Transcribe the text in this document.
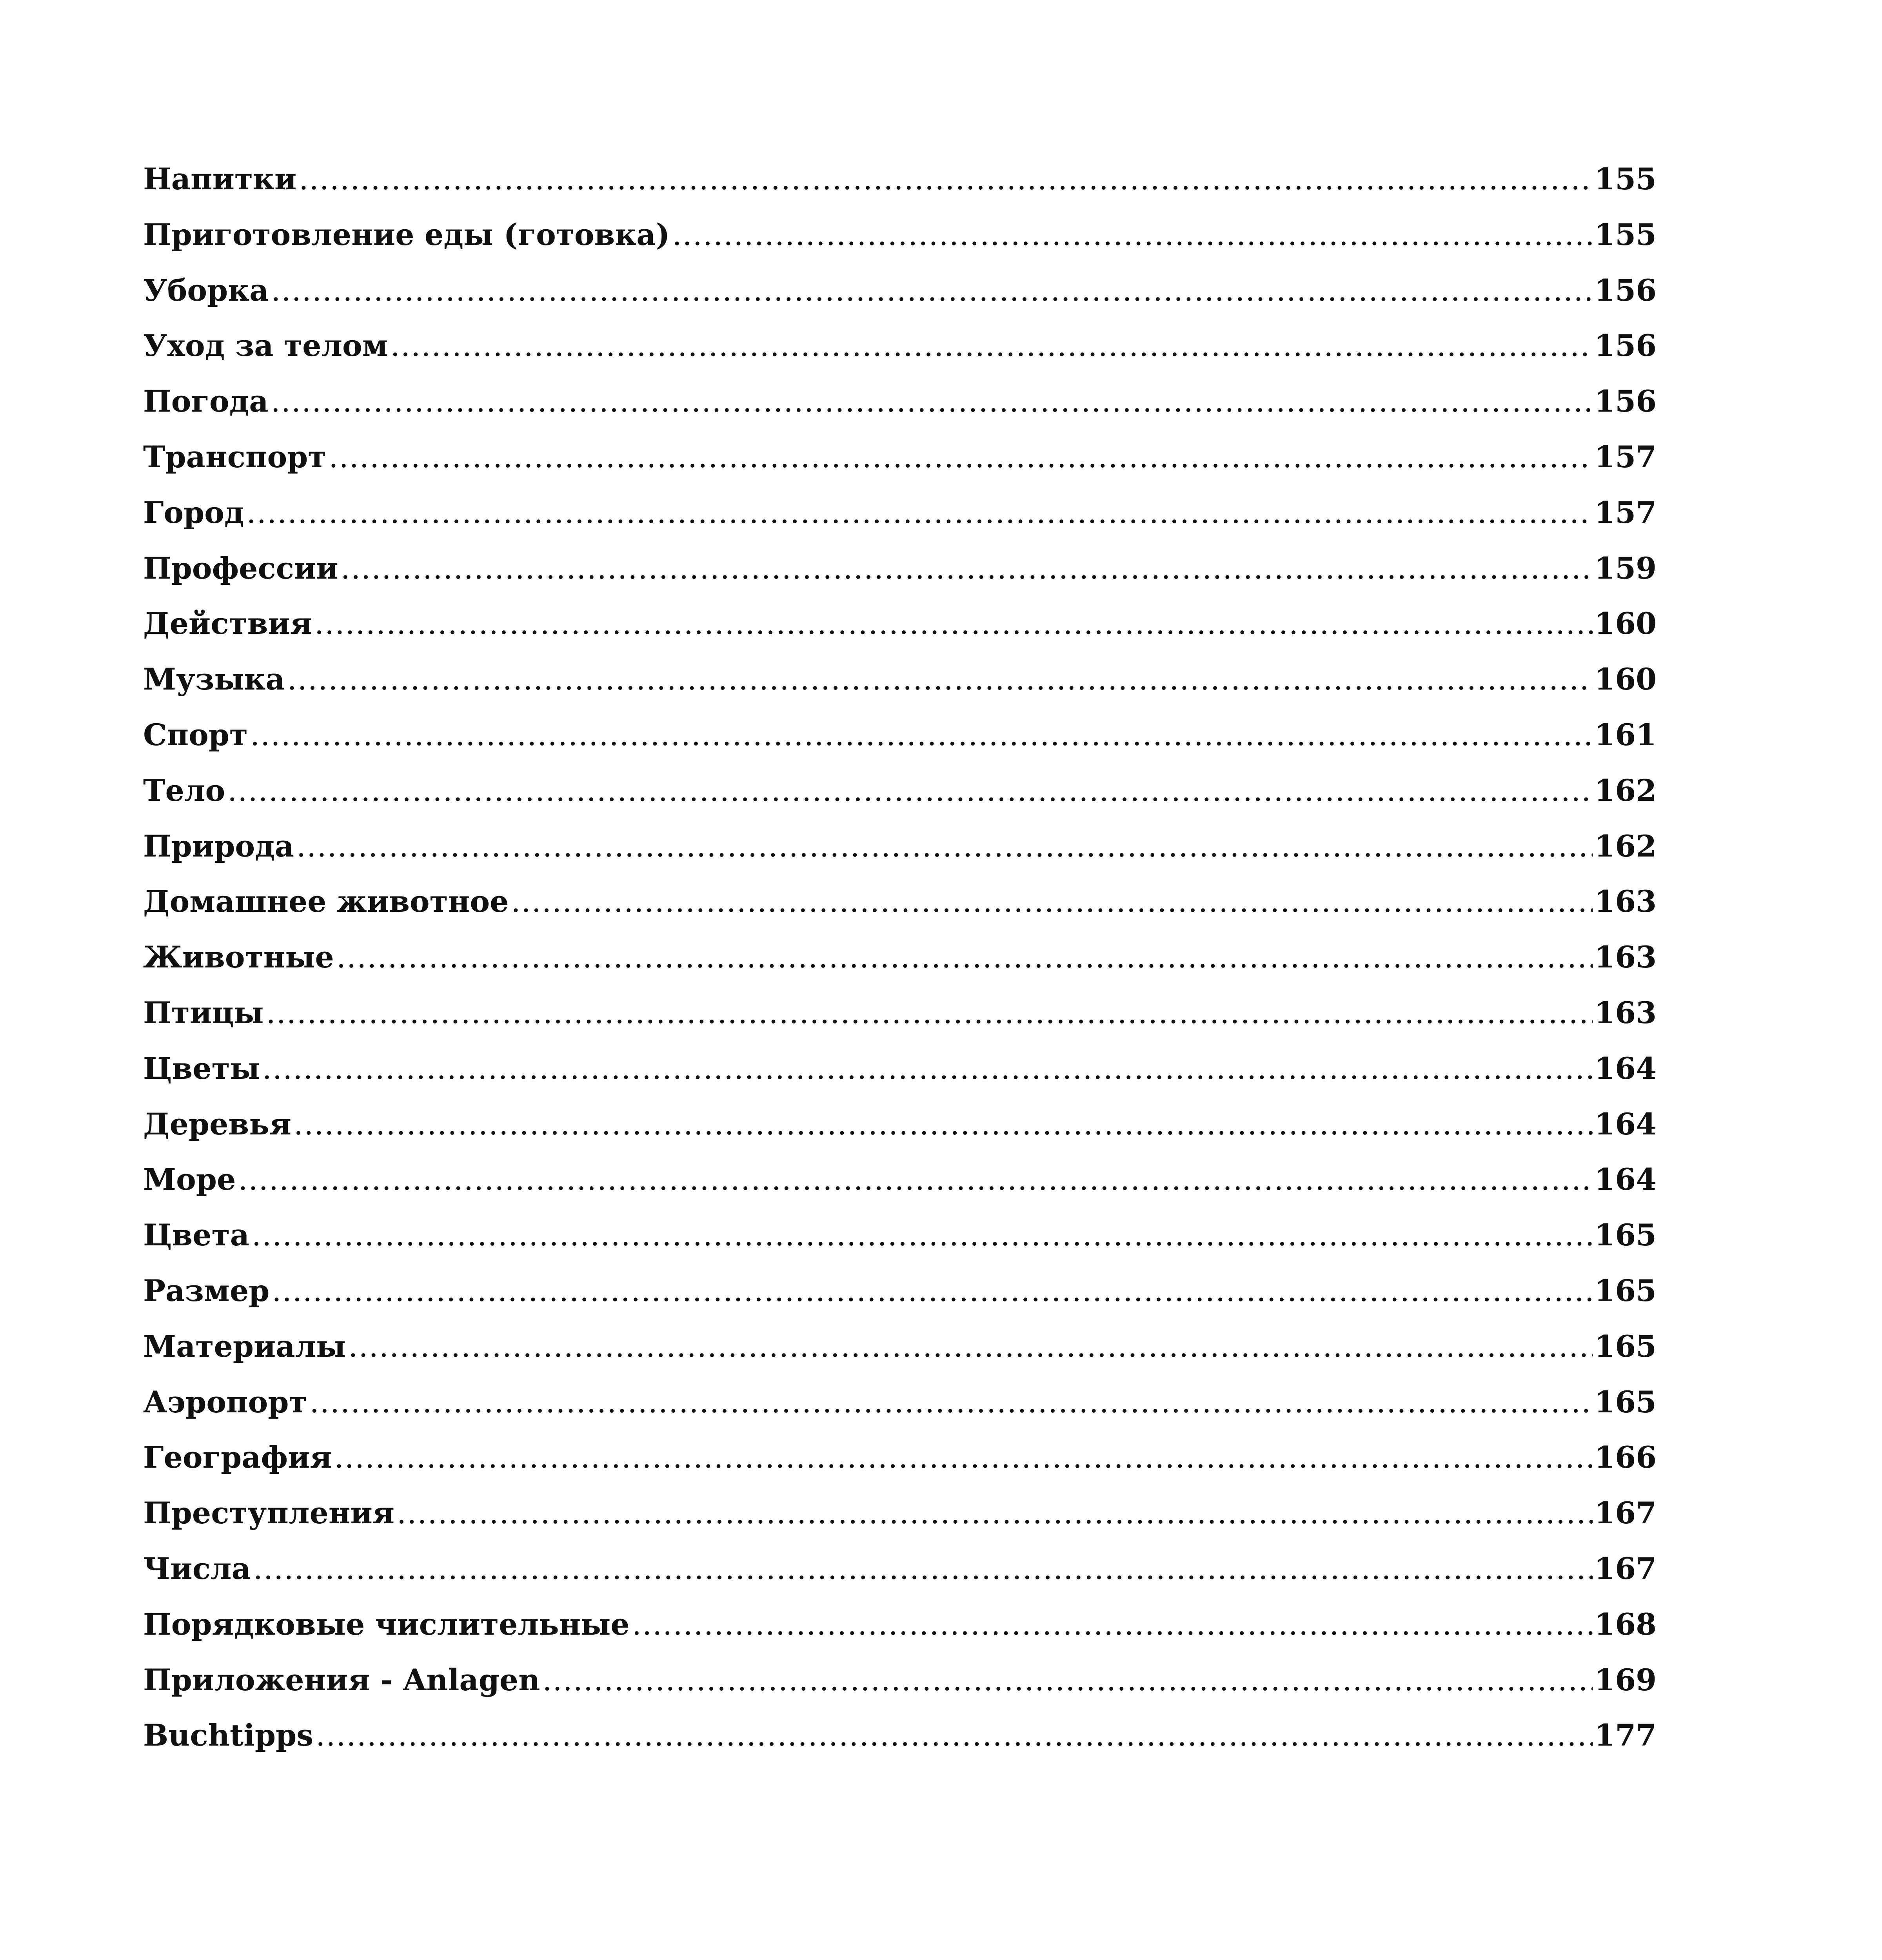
Напитки .....	155
Приготовление еды (готовка) .....	155
Уборка .....	156
Уход за телом .....	156
Погода .....	156
Транспорт .....	157
Город .....	157
Профессии .....	159
Действия .....	160
Музыка .....	160
Спорт .....	161
Тело .....	162
Природа .....	162
Домашнее животное .....	163
Животные .....	163
Птицы .....	163
Цветы .....	164
Деревья .....	164
Море .....	164
Цвета .....	165
Размер .....	165
Материалы .....	165
Аэропорт .....	165
География .....	166
Преступления .....	167
Числа .....	167
Порядковые числительные .....	168
Приложения - Anlagen .....	169
Buchtipps .....	177
